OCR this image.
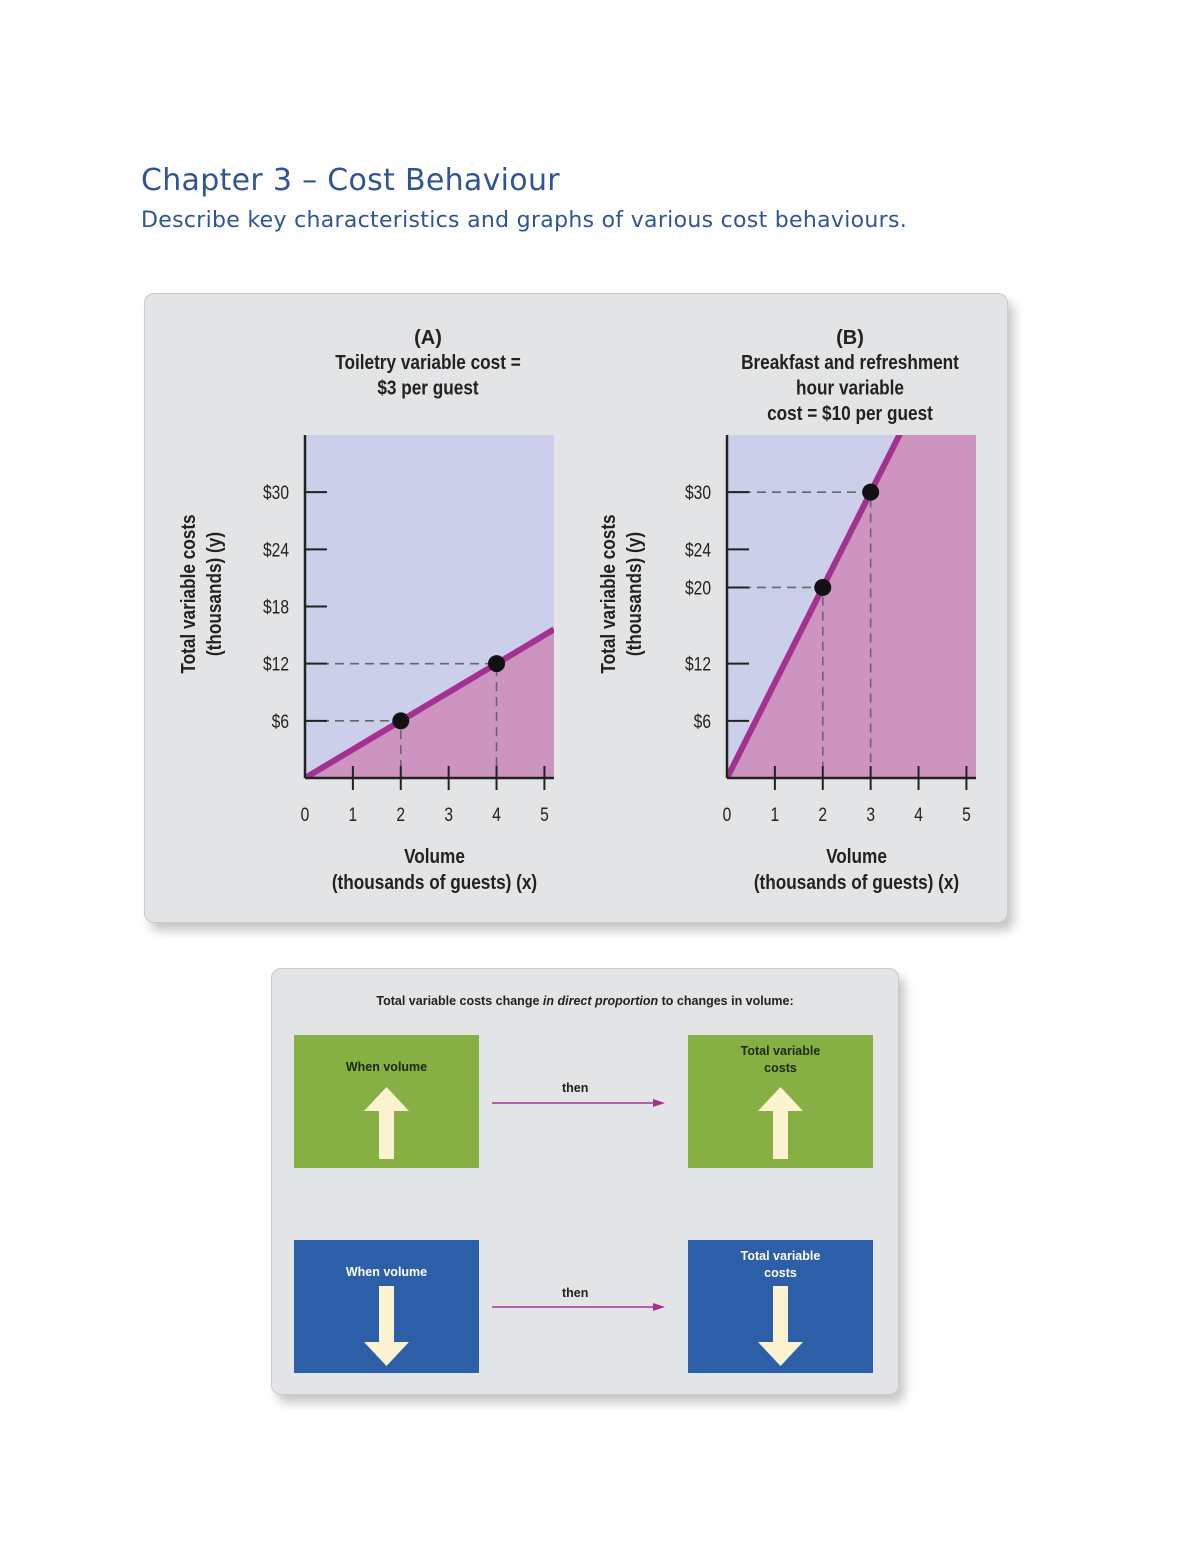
Chapter 3 – Cost Behaviour
Describe key characteristics and graphs of various cost behaviours.
$6
$12
$18
$24
$30
0 1 2 3 4 5
(A)
Toiletry variable cost =
$3 per guest
Volume
(thousands of guests) (x)
Total variable costs (thousands) (y)
$6
$12
$20
$24
$30
0 1 2 3 4 5
(B)
Breakfast and refreshment
hour variable
cost = $10 per guest
Volume
(thousands of guests) (x)
Total variable costs (thousands) (y)
Total variable costs change in direct proportion to changes in volume:
When volume
then
Total variable
costs
When volume
then
Total variable
costs
